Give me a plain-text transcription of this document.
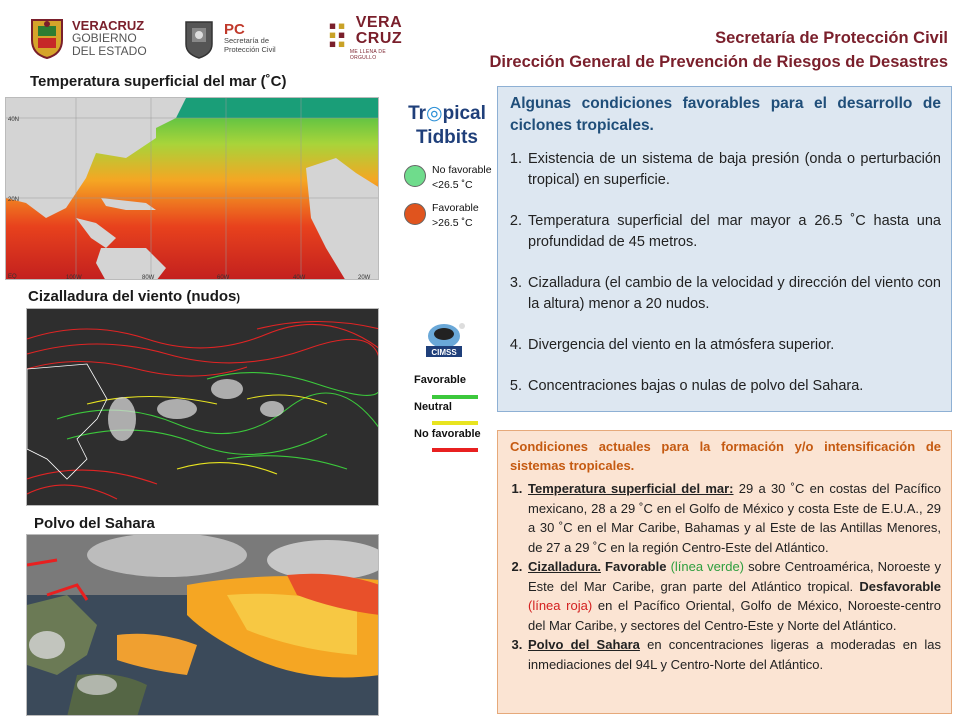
VERACRUZ
GOBIERNO
DEL ESTADO
PC
Secretaría de
Protección Civil
VERA
CRUZ
ME LLENA DE ORGULLO
Secretaría de Protección Civil
Dirección General de Prevención de Riesgos de Desastres
Temperatura superficial del mar (˚C)
40N
20N
EQ	100W	80W	60W	40W	20W
Tr◎pical
Tidbits
No favorable
<26.5 ˚C
Favorable
>26.5 ˚C
Cizalladura del viento (nudos)
CIMSS
Favorable
Neutral
No favorable
Polvo del Sahara
Algunas condiciones favorables para el desarrollo de ciclones tropicales.
1. Existencia de un sistema de baja presión (onda o perturbación tropical) en superficie.
2. Temperatura superficial del mar mayor a 26.5 ˚C hasta una profundidad de 45 metros.
3. Cizalladura (el cambio de la velocidad y dirección del viento con la altura) menor a 20 nudos.
4. Divergencia del viento en la atmósfera superior.
5. Concentraciones bajas o nulas de polvo del Sahara.
Condiciones actuales para la formación y/o intensificación de sistemas tropicales.
1. Temperatura superficial del mar: 29 a 30 ˚C en costas del Pacífico mexicano, 28 a 29 ˚C en el Golfo de México y costa Este de E.U.A., 29 a 30 ˚C en el Mar Caribe, Bahamas y al Este de las Antillas Menores, de 27 a 29 ˚C en la región Centro-Este del Atlántico.
2. Cizalladura. Favorable (línea verde) sobre Centroamérica, Noroeste y Este del Mar Caribe, gran parte del Atlántico tropical. Desfavorable (línea roja) en el Pacífico Oriental, Golfo de México, Noroeste-centro del Mar Caribe, y sectores del Centro-Este y Norte del Atlántico.
3. Polvo del Sahara en concentraciones ligeras a moderadas en las inmediaciones del 94L y Centro-Norte del Atlántico.
